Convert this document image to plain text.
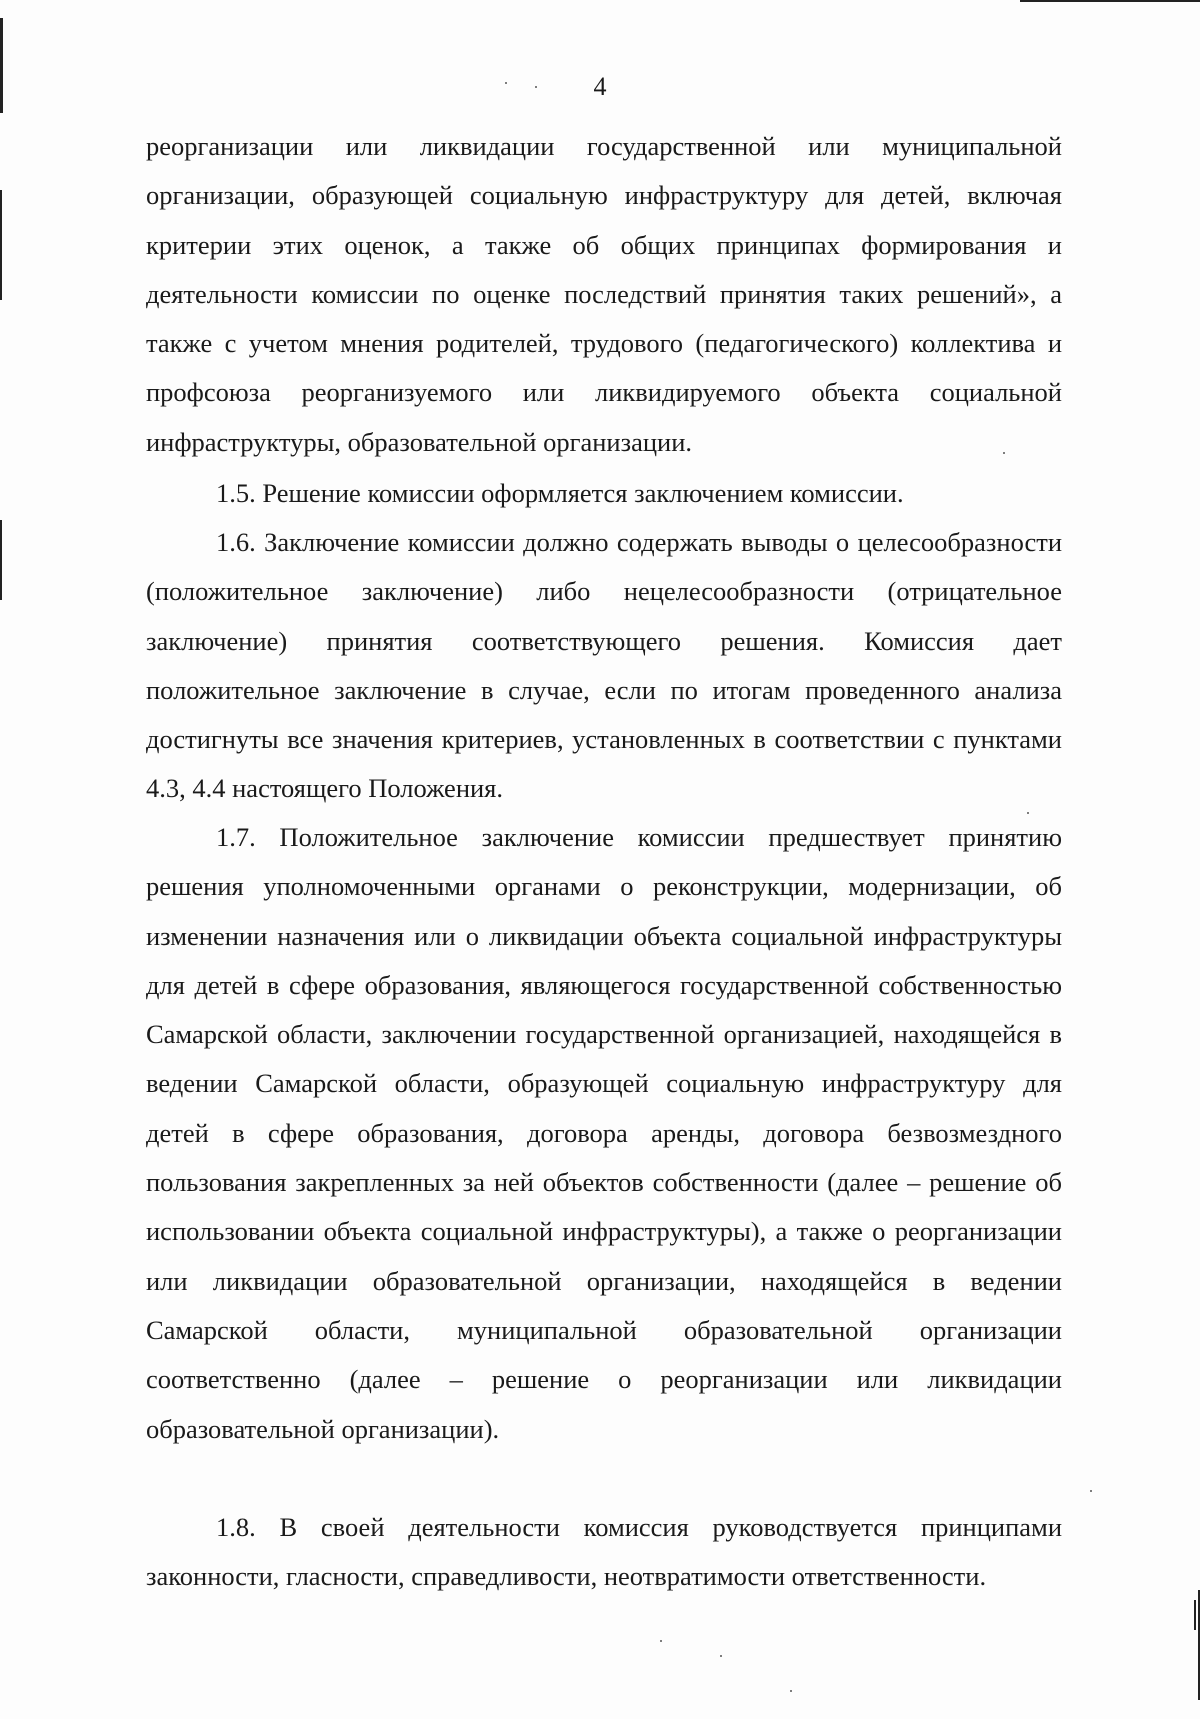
4

реорганизации или ликвидации государственной или муниципальной организации, образующей социальную инфраструктуру для детей, включая критерии этих оценок, а также об общих принципах формирования и деятельности комиссии по оценке последствий принятия таких решений», а также с учетом мнения родителей, трудового (педагогического) коллектива и профсоюза реорганизуемого или ликвидируемого объекта социальной инфраструктуры, образовательной организации.

1.5. Решение комиссии оформляется заключением комиссии.

1.6. Заключение комиссии должно содержать выводы о целесообразности (положительное заключение) либо нецелесообразности (отрицательное заключение) принятия соответствующего решения. Комиссия дает положительное заключение в случае, если по итогам проведенного анализа достигнуты все значения критериев, установленных в соответствии с пунктами 4.3, 4.4 настоящего Положения.

1.7. Положительное заключение комиссии предшествует принятию решения уполномоченными органами о реконструкции, модернизации, об изменении назначения или о ликвидации объекта социальной инфраструктуры для детей в сфере образования, являющегося государственной собственностью Самарской области, заключении государственной организацией, находящейся в ведении Самарской области, образующей социальную инфраструктуру для детей в сфере образования, договора аренды, договора безвозмездного пользования закрепленных за ней объектов собственности (далее – решение об использовании объекта социальной инфраструктуры), а также о реорганизации или ликвидации образовательной организации, находящейся в ведении Самарской области, муниципальной образовательной организации соответственно (далее – решение о реорганизации или ликвидации образовательной организации).

1.8. В своей деятельности комиссия руководствуется принципами законности, гласности, справедливости, неотвратимости ответственности.
